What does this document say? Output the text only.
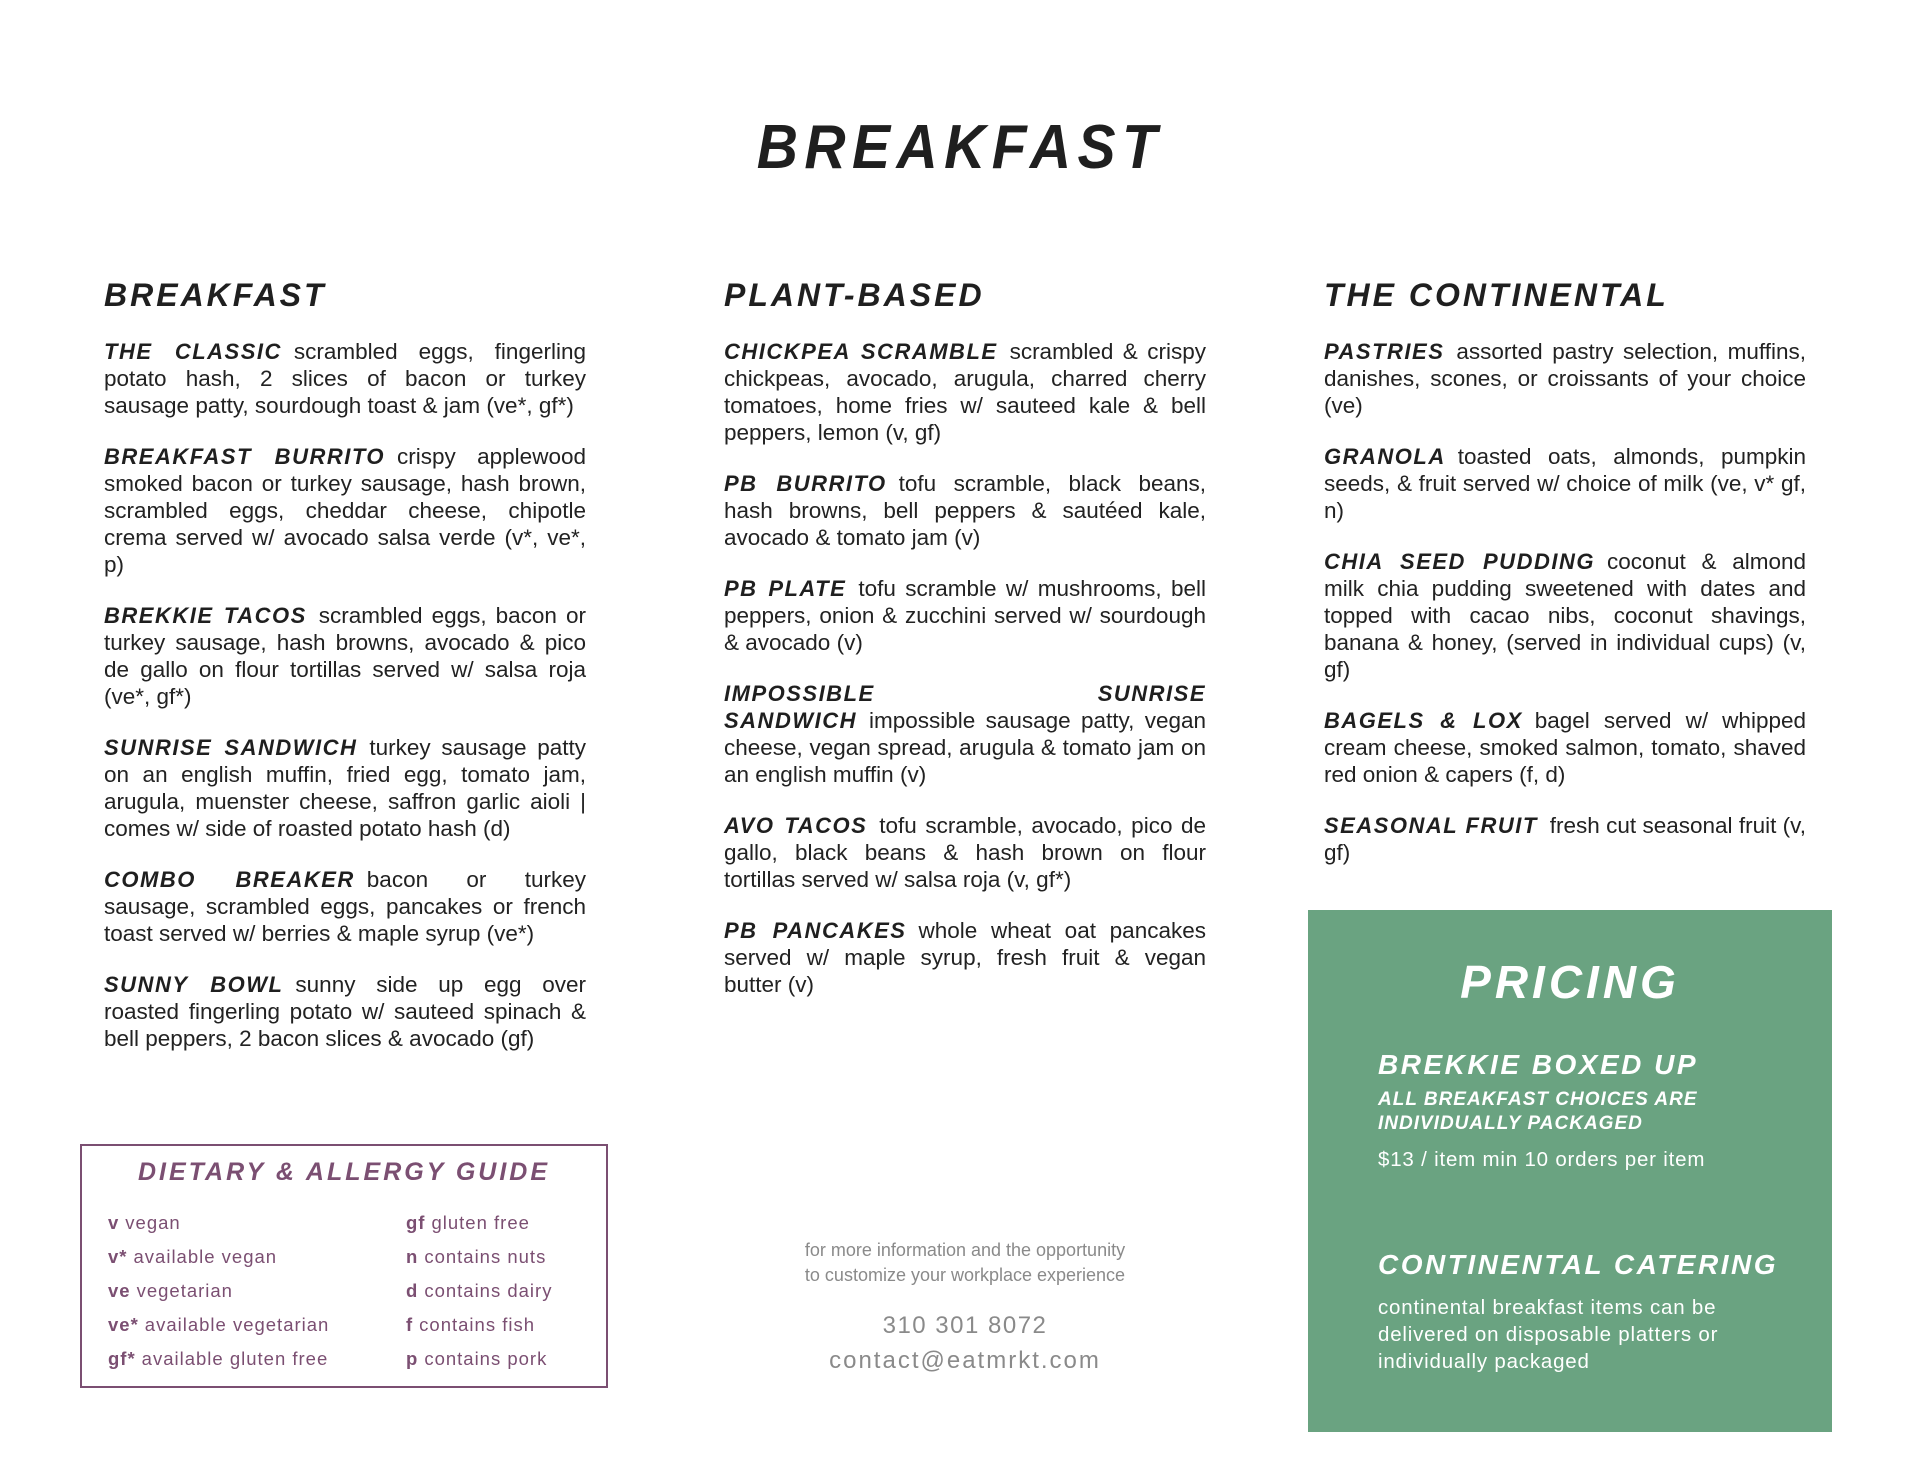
BREAKFAST
BREAKFAST
THE CLASSIC scrambled eggs, fingerling potato hash, 2 slices of bacon or turkey sausage patty, sourdough toast & jam (ve*, gf*)
BREAKFAST BURRITO crispy applewood smoked bacon or turkey sausage, hash brown, scrambled eggs, cheddar cheese, chipotle crema served w/ avocado salsa verde (v*, ve*, p)
BREKKIE TACOS scrambled eggs, bacon or turkey sausage, hash browns, avocado & pico de gallo on flour tortillas served w/ salsa roja (ve*, gf*)
SUNRISE SANDWICH turkey sausage patty on an english muffin, fried egg, tomato jam, arugula, muenster cheese, saffron garlic aioli | comes w/ side of roasted potato hash (d)
COMBO BREAKER bacon or turkey sausage, scrambled eggs, pancakes or french toast served w/ berries & maple syrup (ve*)
SUNNY BOWL sunny side up egg over roasted fingerling potato w/ sauteed spinach & bell peppers, 2 bacon slices & avocado (gf)
PLANT-BASED
CHICKPEA SCRAMBLE scrambled & crispy chickpeas, avocado, arugula, charred cherry tomatoes, home fries w/ sauteed kale & bell peppers, lemon (v, gf)
PB BURRITO tofu scramble, black beans, hash browns, bell peppers & sautéed kale, avocado & tomato jam (v)
PB PLATE tofu scramble w/ mushrooms, bell peppers, onion & zucchini served w/ sourdough & avocado (v)
IMPOSSIBLE SUNRISE SANDWICH impossible sausage patty, vegan cheese, vegan spread, arugula & tomato jam on an english muffin (v)
AVO TACOS tofu scramble, avocado, pico de gallo, black beans & hash brown on flour tortillas served w/ salsa roja (v, gf*)
PB PANCAKES whole wheat oat pancakes served w/ maple syrup, fresh fruit & vegan butter (v)
THE CONTINENTAL
PASTRIES assorted pastry selection, muffins, danishes, scones, or croissants of your choice (ve)
GRANOLA toasted oats, almonds, pumpkin seeds, & fruit served w/ choice of milk (ve, v* gf, n)
CHIA SEED PUDDING coconut & almond milk chia pudding sweetened with dates and topped with cacao nibs, coconut shavings, banana & honey, (served in individual cups) (v, gf)
BAGELS & LOX bagel served w/ whipped cream cheese, smoked salmon, tomato, shaved red onion & capers (f, d)
SEASONAL FRUIT fresh cut seasonal fruit (v, gf)
DIETARY & ALLERGY GUIDE
v vegan
v* available vegan
ve vegetarian
ve* available vegetarian
gf* available gluten free
gf gluten free
n contains nuts
d contains dairy
f contains fish
p contains pork
for more information and the opportunity
to customize your workplace experience
310 301 8072
contact@eatmrkt.com
PRICING
BREKKIE BOXED UP
ALL BREAKFAST CHOICES ARE
INDIVIDUALLY PACKAGED
$13 / item min 10 orders per item
CONTINENTAL CATERING
continental breakfast items can be delivered on disposable platters or individually packaged
